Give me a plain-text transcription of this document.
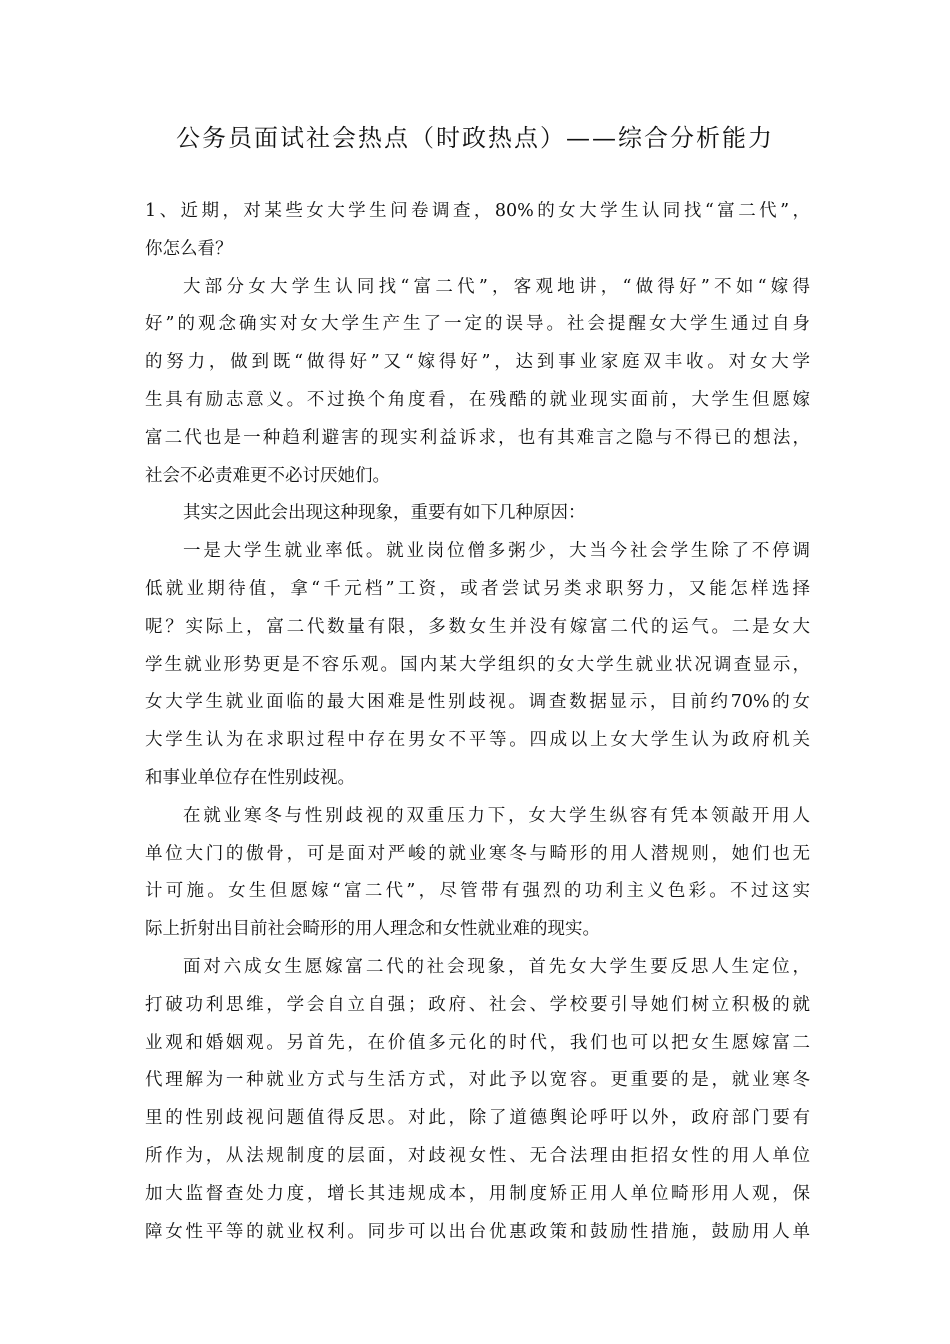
公务员面试社会热点（时政热点）——综合分析能力

1、近期，对某些女大学生问卷调查，80%的女大学生认同找“富二代”，
你怎么看？

大部分女大学生认同找“富二代”，客观地讲，“做得好”不如“嫁得
好”的观念确实对女大学生产生了一定的误导。社会提醒女大学生通过自身
的努力，做到既“做得好”又“嫁得好”，达到事业家庭双丰收。对女大学
生具有励志意义。不过换个角度看，在残酷的就业现实面前，大学生但愿嫁
富二代也是一种趋利避害的现实利益诉求，也有其难言之隐与不得已的想法，
社会不必责难更不必讨厌她们。

其实之因此会出现这种现象，重要有如下几种原因：

一是大学生就业率低。就业岗位僧多粥少，大当今社会学生除了不停调
低就业期待值，拿“千元档”工资，或者尝试另类求职努力，又能怎样选择
呢？实际上，富二代数量有限，多数女生并没有嫁富二代的运气。二是女大
学生就业形势更是不容乐观。国内某大学组织的女大学生就业状况调查显示，
女大学生就业面临的最大困难是性别歧视。调查数据显示，目前约70%的女
大学生认为在求职过程中存在男女不平等。四成以上女大学生认为政府机关
和事业单位存在性别歧视。

在就业寒冬与性别歧视的双重压力下，女大学生纵容有凭本领敲开用人
单位大门的傲骨，可是面对严峻的就业寒冬与畸形的用人潜规则，她们也无
计可施。女生但愿嫁“富二代”，尽管带有强烈的功利主义色彩。不过这实
际上折射出目前社会畸形的用人理念和女性就业难的现实。

面对六成女生愿嫁富二代的社会现象，首先女大学生要反思人生定位，
打破功利思维，学会自立自强；政府、社会、学校要引导她们树立积极的就
业观和婚姻观。另首先，在价值多元化的时代，我们也可以把女生愿嫁富二
代理解为一种就业方式与生活方式，对此予以宽容。更重要的是，就业寒冬
里的性别歧视问题值得反思。对此，除了道德舆论呼吁以外，政府部门要有
所作为，从法规制度的层面，对歧视女性、无合法理由拒招女性的用人单位
加大监督查处力度，增长其违规成本，用制度矫正用人单位畸形用人观，保
障女性平等的就业权利。同步可以出台优惠政策和鼓励性措施，鼓励用人单
